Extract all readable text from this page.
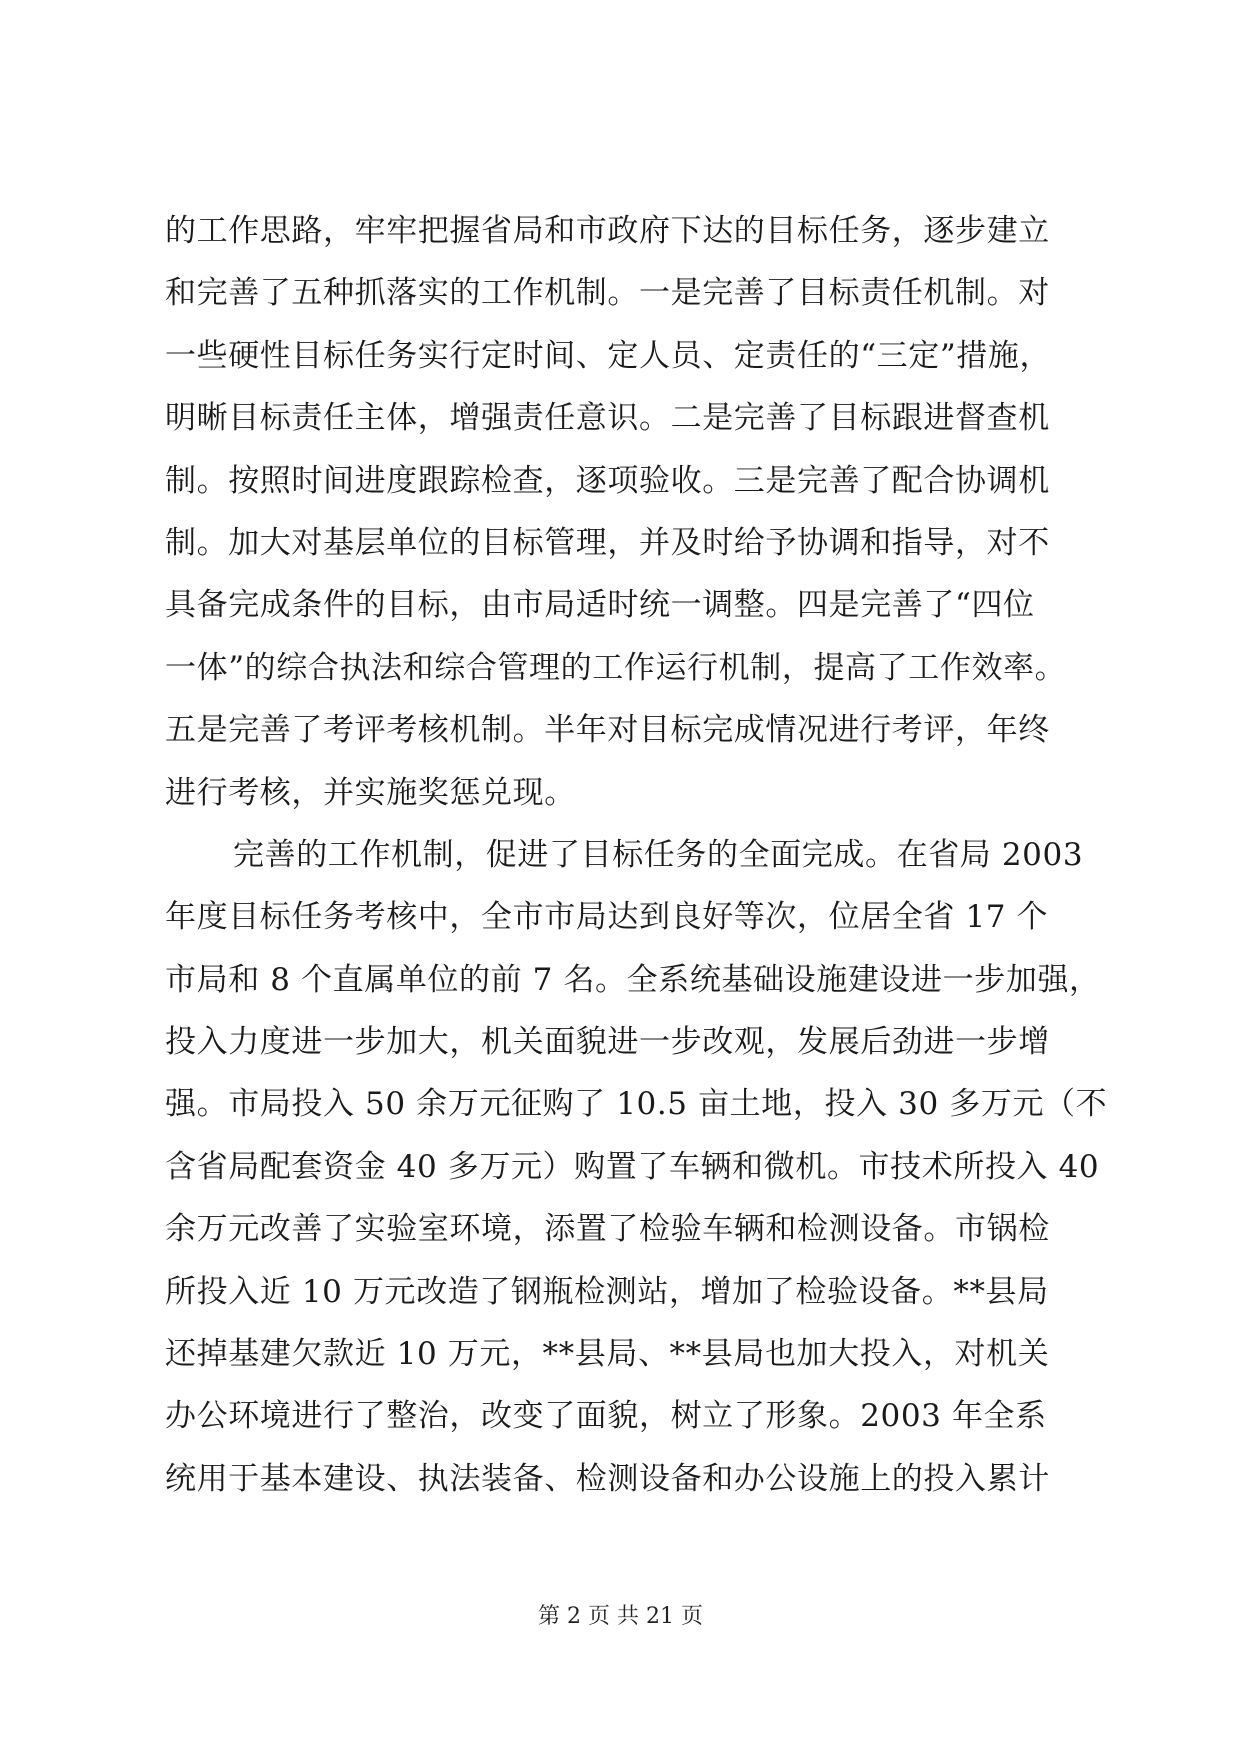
的工作思路，牢牢把握省局和市政府下达的目标任务，逐步建立
和完善了五种抓落实的工作机制。一是完善了目标责任机制。对
一些硬性目标任务实行定时间、定人员、定责任的“三定”措施，
明晰目标责任主体，增强责任意识。二是完善了目标跟进督查机
制。按照时间进度跟踪检查，逐项验收。三是完善了配合协调机
制。加大对基层单位的目标管理，并及时给予协调和指导，对不
具备完成条件的目标，由市局适时统一调整。四是完善了“四位
一体”的综合执法和综合管理的工作运行机制，提高了工作效率。
五是完善了考评考核机制。半年对目标完成情况进行考评，年终
进行考核，并实施奖惩兑现。
完善的工作机制，促进了目标任务的全面完成。在省局 2003
年度目标任务考核中，全市市局达到良好等次，位居全省 17 个
市局和 8 个直属单位的前 7 名。全系统基础设施建设进一步加强，
投入力度进一步加大，机关面貌进一步改观，发展后劲进一步增
强。市局投入 50 余万元征购了 10.5 亩土地，投入 30 多万元（不
含省局配套资金 40 多万元）购置了车辆和微机。市技术所投入 40
余万元改善了实验室环境，添置了检验车辆和检测设备。市锅检
所投入近 10 万元改造了钢瓶检测站，增加了检验设备。**县局
还掉基建欠款近 10 万元，**县局、**县局也加大投入，对机关
办公环境进行了整治，改变了面貌，树立了形象。2003 年全系
统用于基本建设、执法装备、检测设备和办公设施上的投入累计
第 2 页 共 21 页
